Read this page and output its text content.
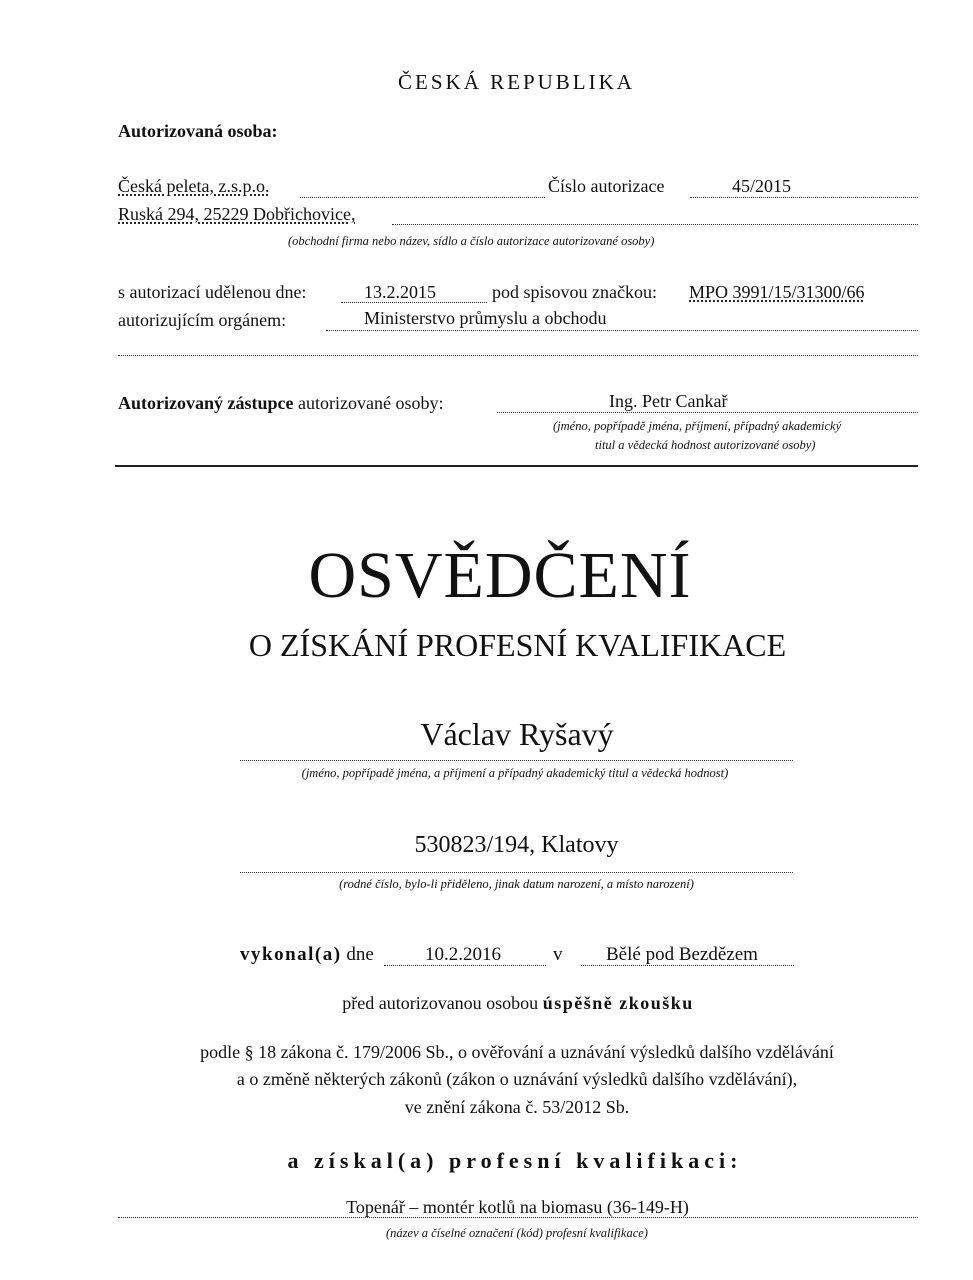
ČESKÁ REPUBLIKA
Autorizovaná osoba:
Česká peleta, z.s.p.o.	Číslo autorizace	45/2015
Ruská 294, 25229 Dobřichovice,
(obchodní firma nebo název, sídlo a číslo autorizace autorizované osoby)
s autorizací udělenou dne:	13.2.2015	pod spisovou značkou: MPO 3991/15/31300/66
autorizujícím orgánem:	Ministerstvo průmyslu a obchodu
Autorizovaný zástupce autorizované osoby:	Ing. Petr Cankař
(jméno, popřípadě jména, příjmení, případný akademický
titul a vědecká hodnost autorizované osoby)
OSVĚDČENÍ
O ZÍSKÁNÍ PROFESNÍ KVALIFIKACE
Václav Ryšavý
(jméno, popřípadě jména, a příjmení a případný akademický titul a vědecká hodnost)
530823/194, Klatovy
(rodné číslo, bylo-li přiděleno, jinak datum narození, a místo narození)
vykonal(a) dne	10.2.2016	v Bělé pod Bezdězem
před autorizovanou osobou úspěšně zkoušku
podle § 18 zákona č. 179/2006 Sb., o ověřování a uznávání výsledků dalšího vzdělávání
a o změně některých zákonů (zákon o uznávání výsledků dalšího vzdělávání),
ve znění zákona č. 53/2012 Sb.
a získal(a) profesní kvalifikaci:
Topenář – montér kotlů na biomasu (36-149-H)
(název a číselné označení (kód) profesní kvalifikace)
